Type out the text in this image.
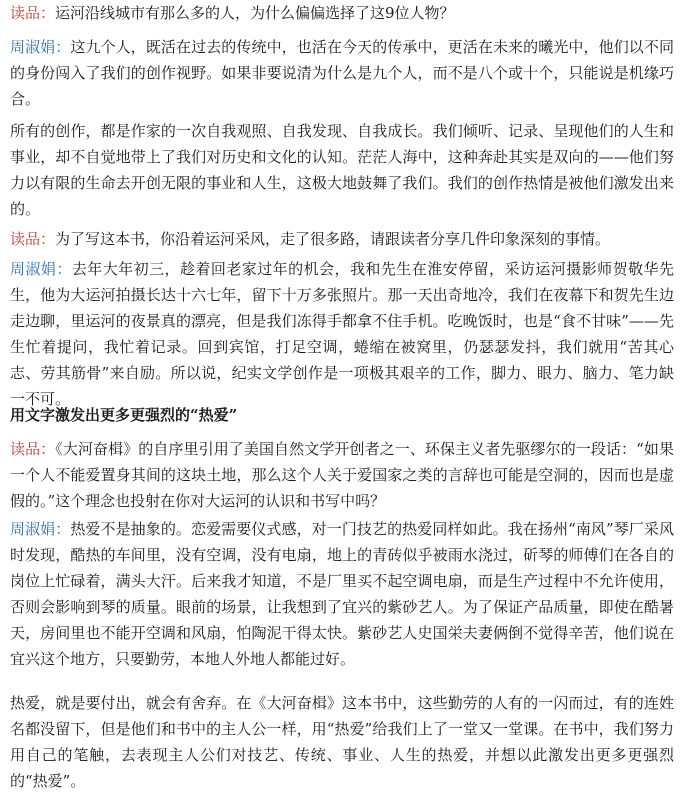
读品：运河沿线城市有那么多的人，为什么偏偏选择了这9位人物？

周淑娟：这九个人，既活在过去的传统中，也活在今天的传承中，更活在未来的曦光中，他们以不同的身份闯入了我们的创作视野。如果非要说清为什么是九个人，而不是八个或十个，只能说是机缘巧合。

所有的创作，都是作家的一次自我观照、自我发现、自我成长。我们倾听、记录、呈现他们的人生和事业，却不自觉地带上了我们对历史和文化的认知。茫茫人海中，这种奔赴其实是双向的——他们努力以有限的生命去开创无限的事业和人生，这极大地鼓舞了我们。我们的创作热情是被他们激发出来的。

读品：为了写这本书，你沿着运河采风，走了很多路，请跟读者分享几件印象深刻的事情。

周淑娟：去年大年初三，趁着回老家过年的机会，我和先生在淮安停留，采访运河摄影师贺敬华先生，他为大运河拍摄长达十六七年，留下十万多张照片。那一天出奇地冷，我们在夜幕下和贺先生边走边聊，里运河的夜景真的漂亮，但是我们冻得手都拿不住手机。吃晚饭时，也是“食不甘味”——先生忙着提问，我忙着记录。回到宾馆，打足空调，蜷缩在被窝里，仍瑟瑟发抖，我们就用“苦其心志、劳其筋骨”来自励。所以说，纪实文学创作是一项极其艰辛的工作，脚力、眼力、脑力、笔力缺一不可。

用文字激发出更多更强烈的“热爱”

读品：《大河奋楫》的自序里引用了美国自然文学开创者之一、环保主义者先驱缪尔的一段话：“如果一个人不能爱置身其间的这块土地，那么这个人关于爱国家之类的言辞也可能是空洞的，因而也是虚假的。”这个理念也投射在你对大运河的认识和书写中吗？

周淑娟：热爱不是抽象的。恋爱需要仪式感，对一门技艺的热爱同样如此。我在扬州“南风”琴厂采风时发现，酷热的车间里，没有空调，没有电扇，地上的青砖似乎被雨水浇过，斫琴的师傅们在各自的岗位上忙碌着，满头大汗。后来我才知道，不是厂里买不起空调电扇，而是生产过程中不允许使用，否则会影响到琴的质量。眼前的场景，让我想到了宜兴的紫砂艺人。为了保证产品质量，即使在酷暑天，房间里也不能开空调和风扇，怕陶泥干得太快。紫砂艺人史国栄夫妻俩倒不觉得辛苦，他们说在宜兴这个地方，只要勤劳，本地人外地人都能过好。

热爱，就是要付出，就会有舍弃。在《大河奋楫》这本书中，这些勤劳的人有的一闪而过，有的连姓名都没留下，但是他们和书中的主人公一样，用“热爱”给我们上了一堂又一堂课。在书中，我们努力用自己的笔触，去表现主人公们对技艺、传统、事业、人生的热爱，并想以此激发出更多更强烈的“热爱”。
